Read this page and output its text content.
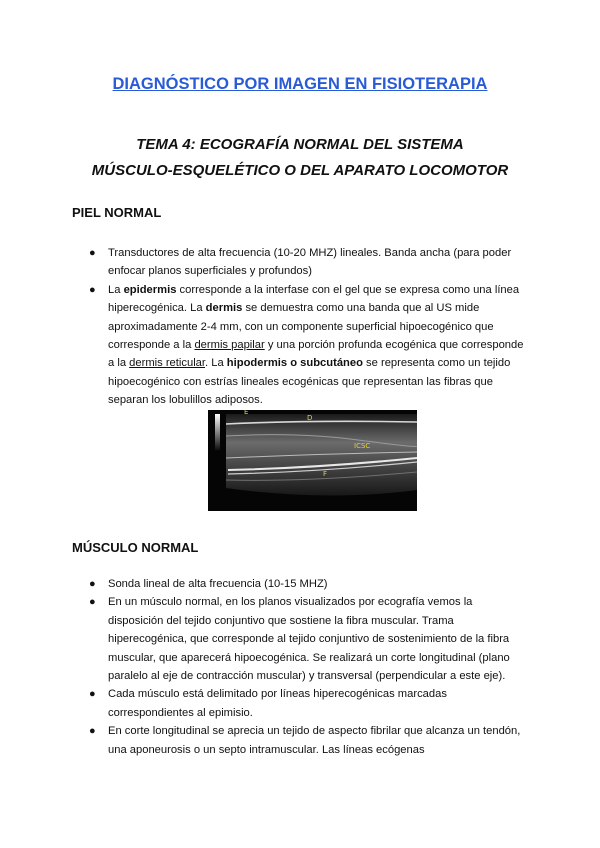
DIAGNÓSTICO POR IMAGEN EN FISIOTERAPIA
TEMA 4: ECOGRAFÍA NORMAL DEL SISTEMA
MÚSCULO-ESQUELÉTICO O DEL APARATO LOCOMOTOR
PIEL NORMAL
● Transductores de alta frecuencia (10-20 MHZ) lineales. Banda ancha (para poder enfocar planos superficiales y profundos)
● La epidermis corresponde a la interfase con el gel que se expresa como una línea hiperecogénica. La dermis se demuestra como una banda que al US mide aproximadamente 2-4 mm, con un componente superficial hipoecogénico que corresponde a la dermis papilar y una porción profunda ecogénica que corresponde a la dermis reticular. La hipodermis o subcutáneo se representa como un tejido hipoecogénico con estrías lineales ecogénicas que representan las fibras que separan los lobulillos adiposos.
E
D
ICSC
F
MÚSCULO NORMAL
● Sonda lineal de alta frecuencia (10-15 MHZ)
● En un músculo normal, en los planos visualizados por ecografía vemos la disposición del tejido conjuntivo que sostiene la fibra muscular. Trama hiperecogénica, que corresponde al tejido conjuntivo de sostenimiento de la fibra muscular, que aparecerá hipoecogénica. Se realizará un corte longitudinal (plano paralelo al eje de contracción muscular) y transversal (perpendicular a este eje).
● Cada músculo está delimitado por líneas hiperecogénicas marcadas correspondientes al epimisio.
● En corte longitudinal se aprecia un tejido de aspecto fibrilar que alcanza un tendón, una aponeurosis o un septo intramuscular. Las líneas ecógenas
